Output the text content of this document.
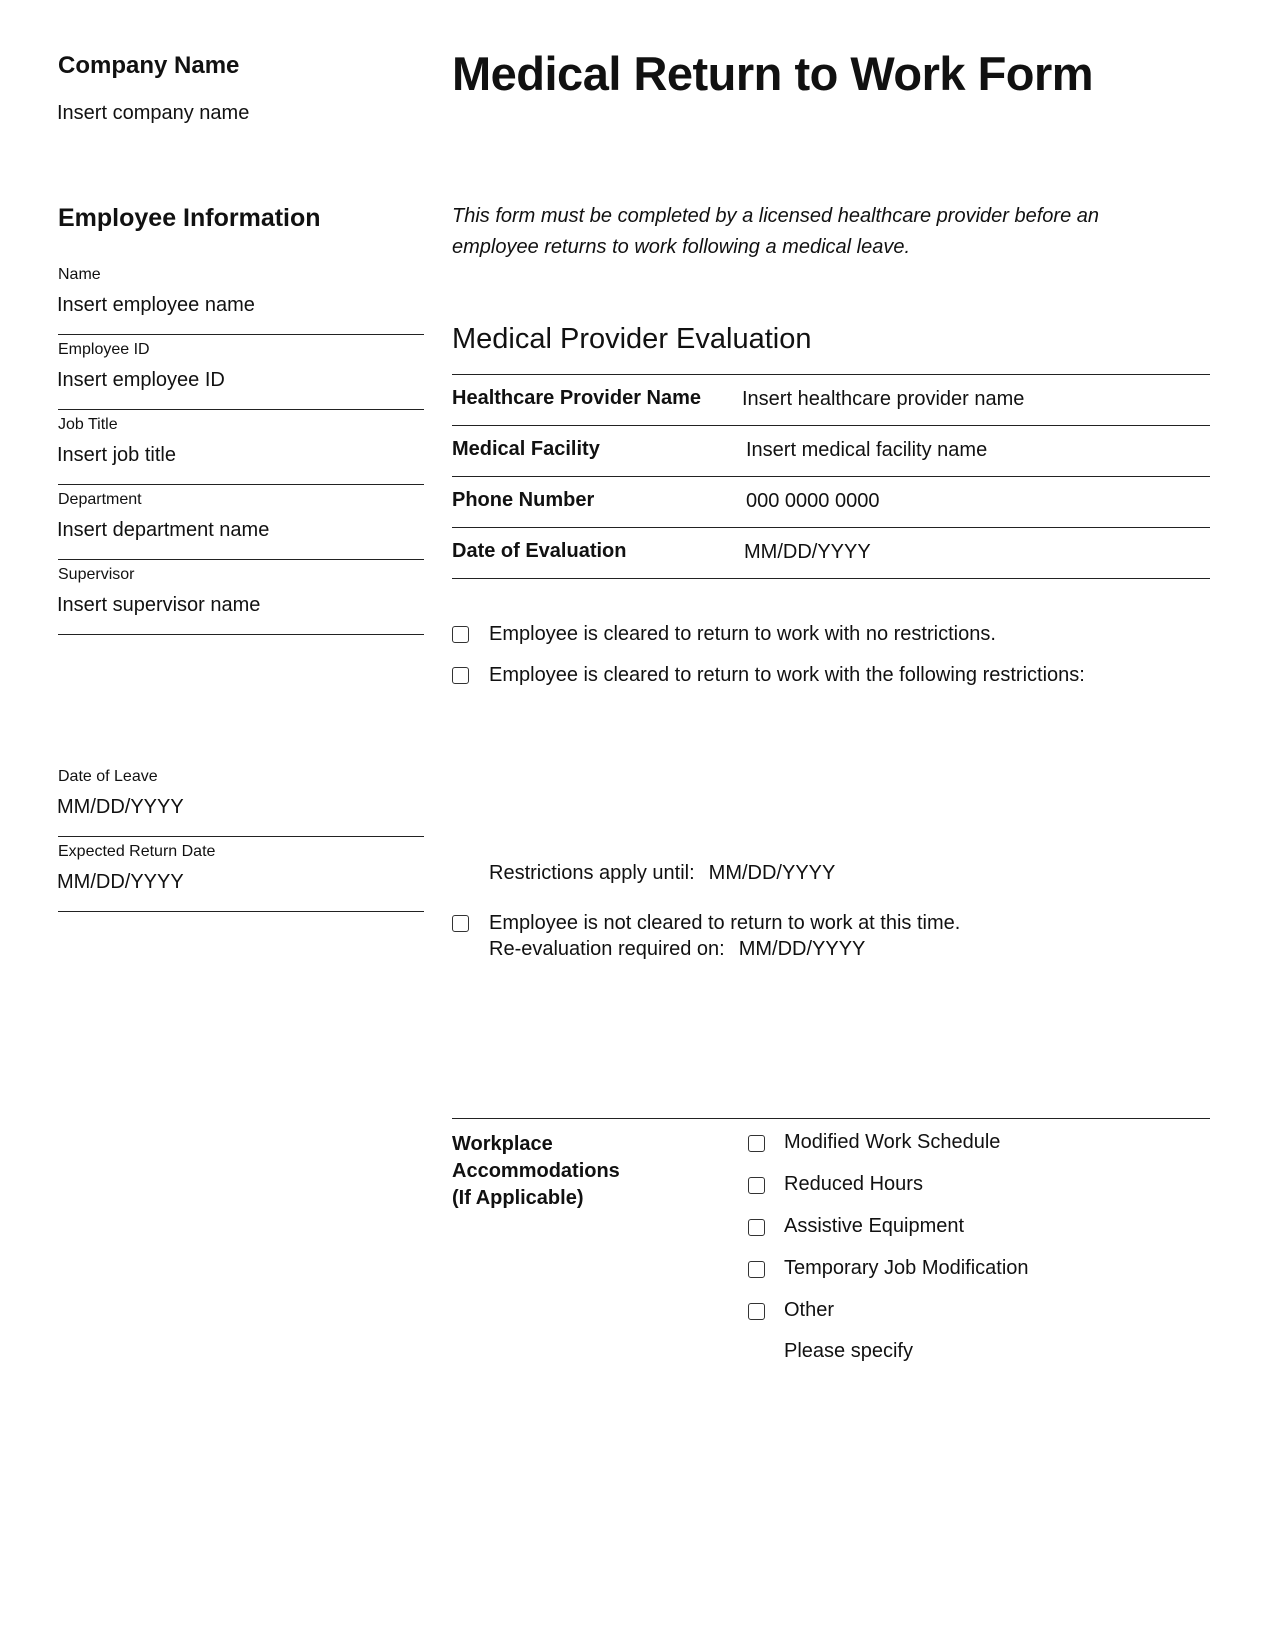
Company Name
Insert company name
Employee Information
Name
Insert employee name
Employee ID
Insert employee ID
Job Title
Insert job title
Department
Insert department name
Supervisor
Insert supervisor name
Date of Leave
MM/DD/YYYY
Expected Return Date
MM/DD/YYYY
Medical Return to Work Form
This form must be completed by a licensed healthcare provider before an employee returns to work following a medical leave.
Medical Provider Evaluation
Healthcare Provider Name Insert healthcare provider name
Medical Facility	Insert medical facility name
Phone Number	000 0000 0000
Date of Evaluation	MM/DD/YYYY
Employee is cleared to return to work with no restrictions.
Employee is cleared to return to work with the following restrictions:
Restrictions apply until: MM/DD/YYYY
Employee is not cleared to return to work at this time.
Re-evaluation required on: MM/DD/YYYY
Workplace
Accommodations
(If Applicable)
Modified Work Schedule
Reduced Hours
Assistive Equipment
Temporary Job Modification
Other
Please specify
